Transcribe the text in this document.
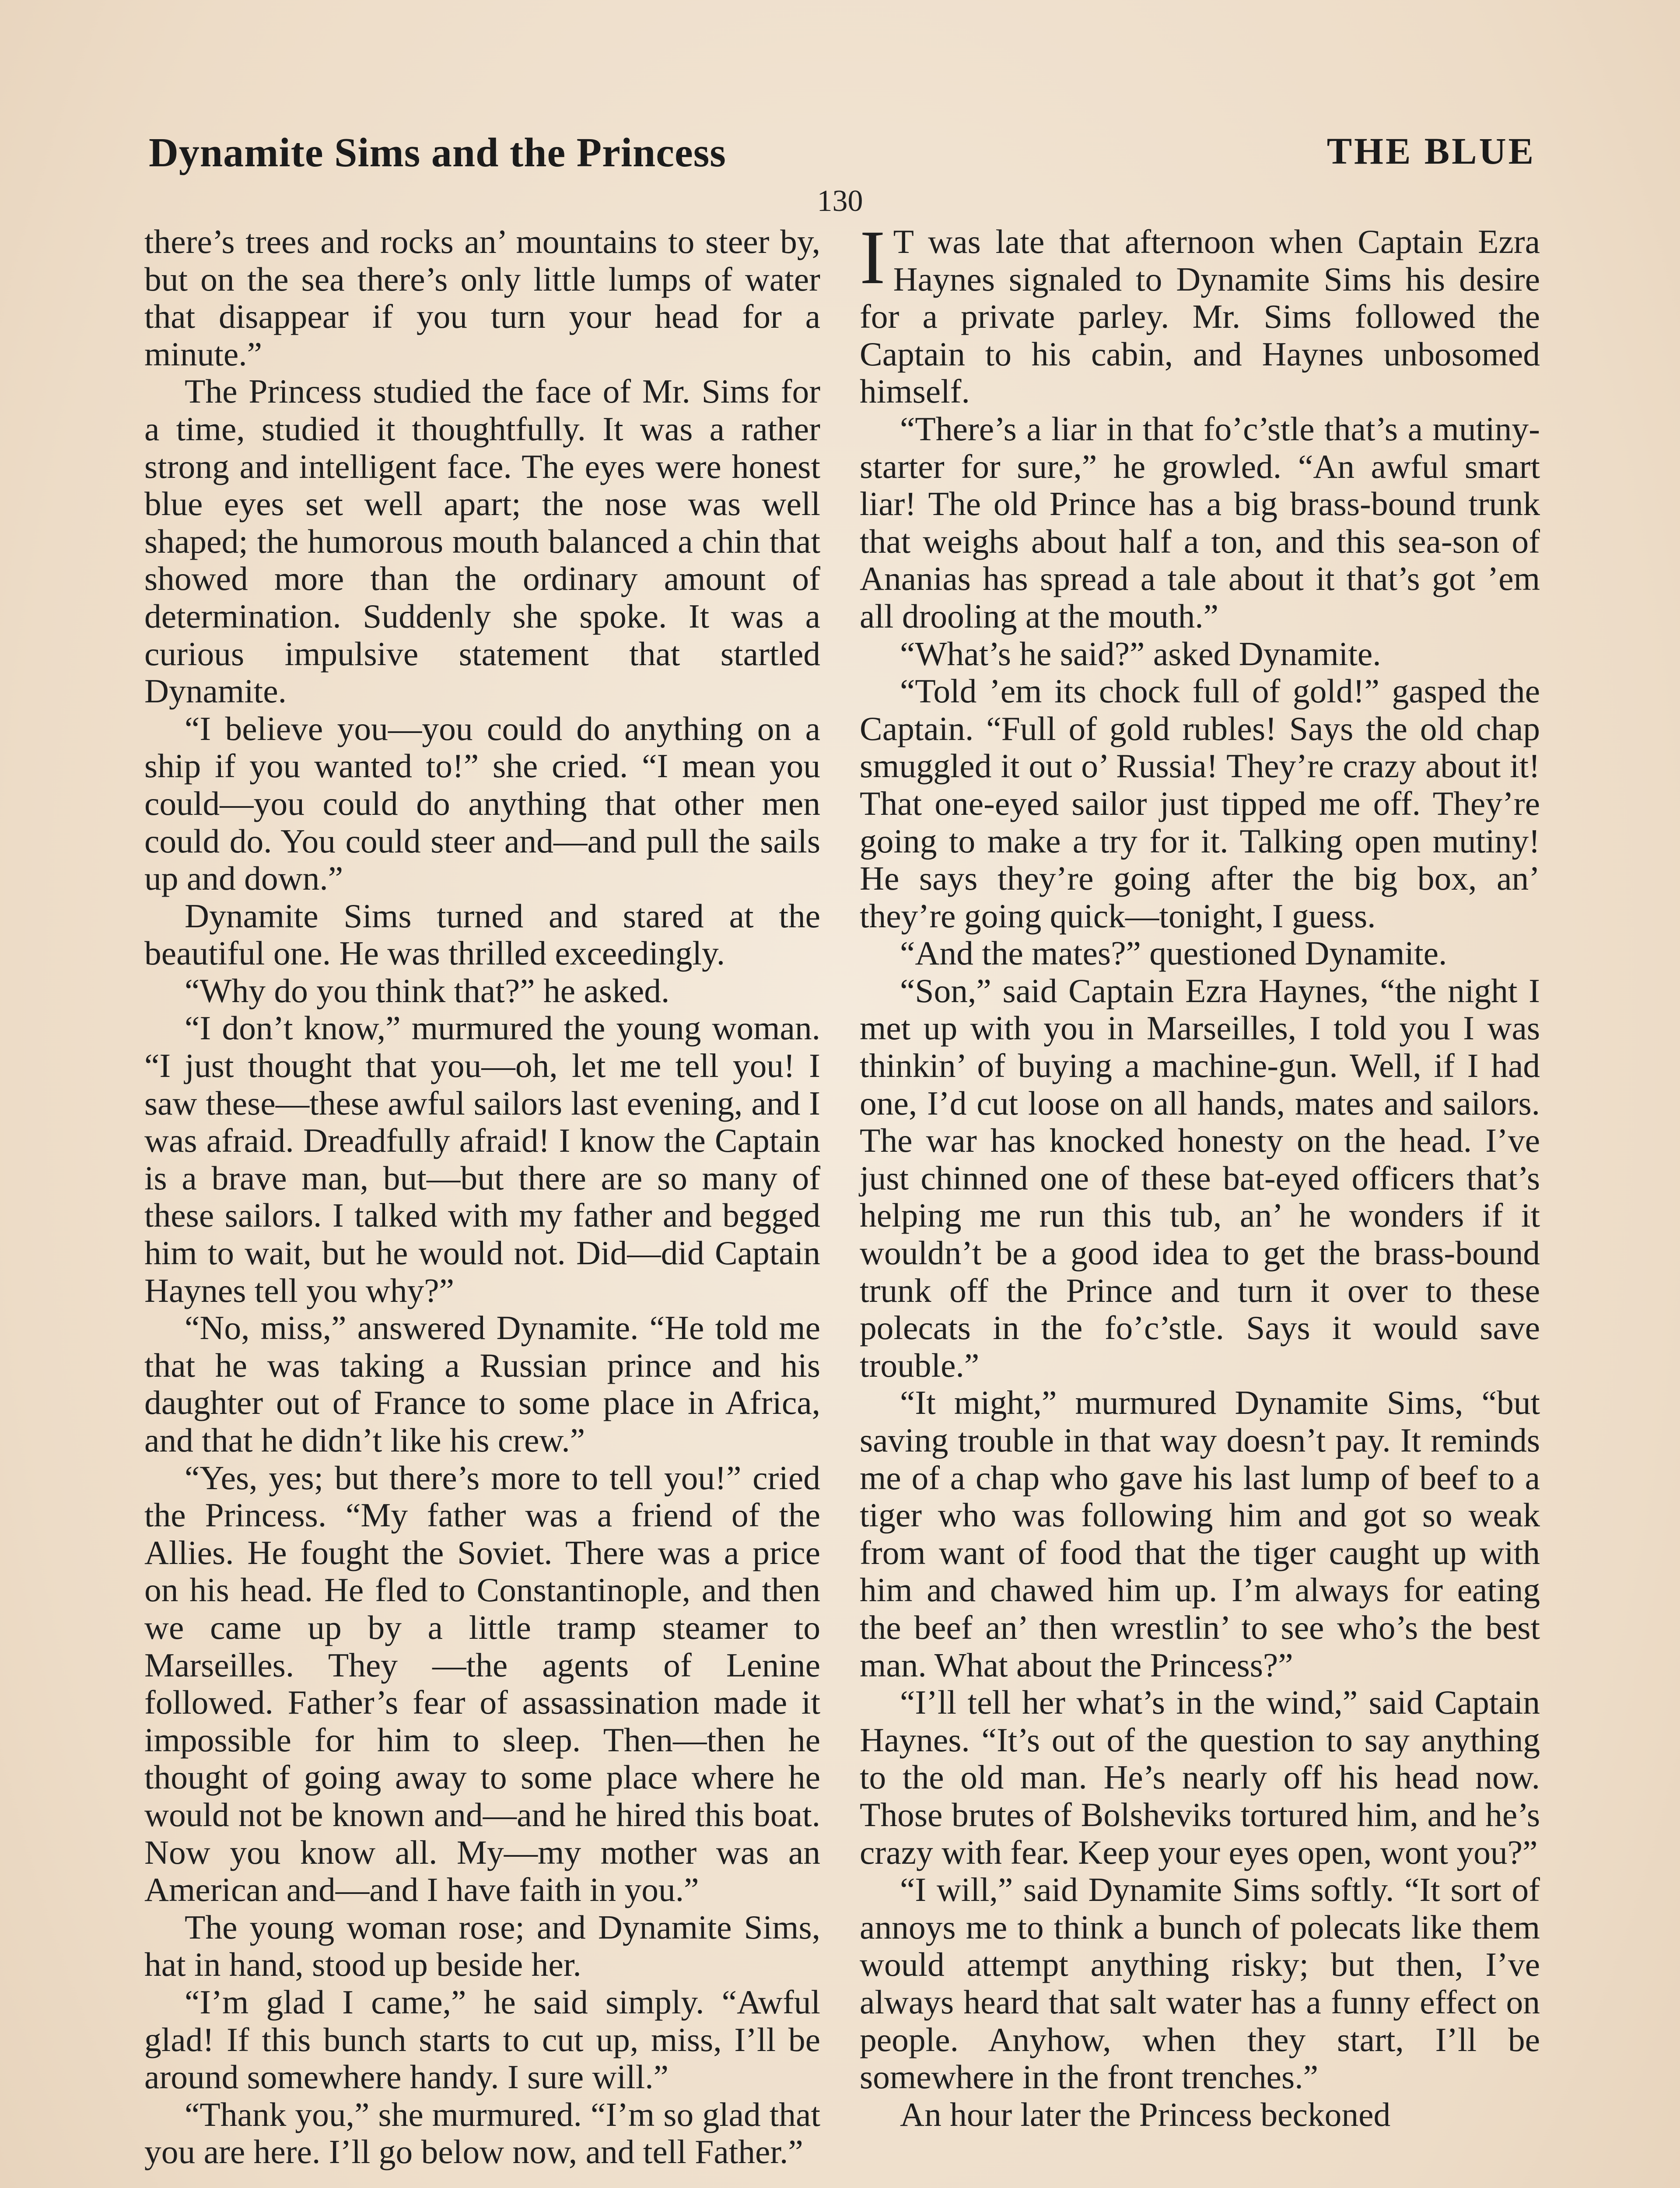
Dynamite Sims and the Princess	THE BLUE
130

there’s trees and rocks an’ mountains to steer by, but on the sea there’s only little lumps of water that disappear if you turn your head for a minute.”

The Princess studied the face of Mr. Sims for a time, studied it thoughtfully. It was a rather strong and intelligent face. The eyes were honest blue eyes set well apart; the nose was well shaped; the humorous mouth balanced a chin that showed more than the ordinary amount of determination. Suddenly she spoke. It was a curious impulsive statement that startled Dynamite.

“I believe you—you could do anything on a ship if you wanted to!” she cried. “I mean you could—you could do anything that other men could do. You could steer and—and pull the sails up and down.”

Dynamite Sims turned and stared at the beautiful one. He was thrilled exceedingly.

“Why do you think that?” he asked.

“I don’t know,” murmured the young woman. “I just thought that you—oh, let me tell you! I saw these—these awful sailors last evening, and I was afraid. Dreadfully afraid! I know the Captain is a brave man, but—but there are so many of these sailors. I talked with my father and begged him to wait, but he would not. Did—did Captain Haynes tell you why?”

“No, miss,” answered Dynamite. “He told me that he was taking a Russian prince and his daughter out of France to some place in Africa, and that he didn’t like his crew.”

“Yes, yes; but there’s more to tell you!” cried the Princess. “My father was a friend of the Allies. He fought the Soviet. There was a price on his head. He fled to Constantinople, and then we came up by a little tramp steamer to Marseilles. They —the agents of Lenine followed. Father’s fear of assassination made it impossible for him to sleep. Then—then he thought of going away to some place where he would not be known and—and he hired this boat. Now you know all. My—my mother was an American and—and I have faith in you.”

The young woman rose; and Dynamite Sims, hat in hand, stood up beside her.

“I’m glad I came,” he said simply. “Awful glad! If this bunch starts to cut up, miss, I’ll be around somewhere handy. I sure will.”

“Thank you,” she murmured. “I’m so glad that you are here. I’ll go below now, and tell Father.”

I T was late that afternoon when Captain Ezra Haynes signaled to Dynamite Sims his desire for a private parley. Mr. Sims followed the Captain to his cabin, and Haynes unbosomed himself.

“There’s a liar in that fo’c’stle that’s a mutiny-starter for sure,” he growled. “An awful smart liar! The old Prince has a big brass-bound trunk that weighs about half a ton, and this sea-son of Ananias has spread a tale about it that’s got ’em all drooling at the mouth.”

“What’s he said?” asked Dynamite.

“Told ’em its chock full of gold!” gasped the Captain. “Full of gold rubles! Says the old chap smuggled it out o’ Russia! They’re crazy about it! That one-eyed sailor just tipped me off. They’re going to make a try for it. Talking open mutiny! He says they’re going after the big box, an’ they’re going quick—tonight, I guess.

“And the mates?” questioned Dynamite.

“Son,” said Captain Ezra Haynes, “the night I met up with you in Marseilles, I told you I was thinkin’ of buying a machine-gun. Well, if I had one, I’d cut loose on all hands, mates and sailors. The war has knocked honesty on the head. I’ve just chinned one of these bat-eyed officers that’s helping me run this tub, an’ he wonders if it wouldn’t be a good idea to get the brass-bound trunk off the Prince and turn it over to these polecats in the fo’c’stle. Says it would save trouble.”

“It might,” murmured Dynamite Sims, “but saving trouble in that way doesn’t pay. It reminds me of a chap who gave his last lump of beef to a tiger who was following him and got so weak from want of food that the tiger caught up with him and chawed him up. I’m always for eating the beef an’ then wrestlin’ to see who’s the best man. What about the Princess?”

“I’ll tell her what’s in the wind,” said Captain Haynes. “It’s out of the question to say anything to the old man. He’s nearly off his head now. Those brutes of Bolsheviks tortured him, and he’s crazy with fear. Keep your eyes open, wont you?”

“I will,” said Dynamite Sims softly. “It sort of annoys me to think a bunch of polecats like them would attempt anything risky; but then, I’ve always heard that salt water has a funny effect on people. Anyhow, when they start, I’ll be somewhere in the front trenches.”

An hour later the Princess beckoned
